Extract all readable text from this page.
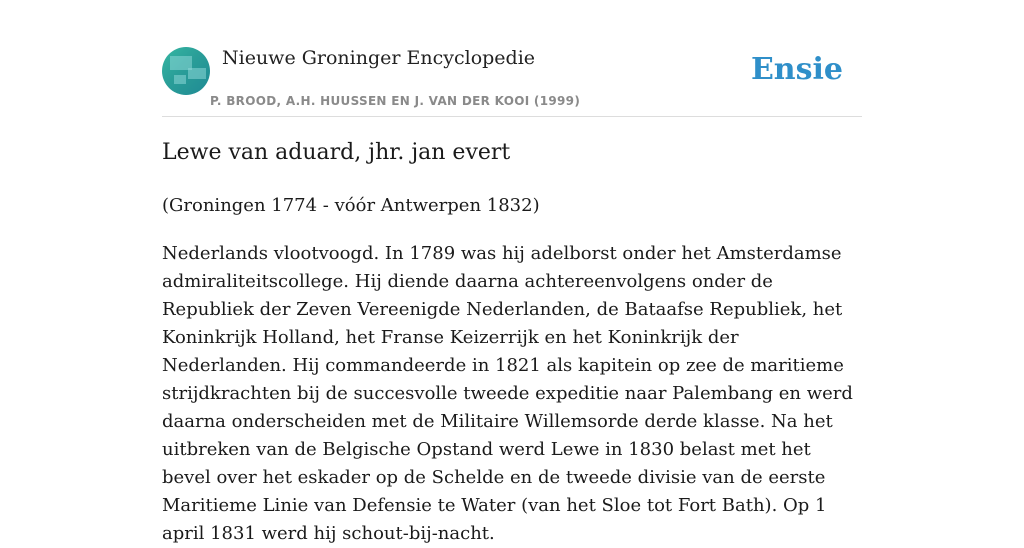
Nieuwe Groninger Encyclopedie
P. BROOD, A.H. HUUSSEN EN J. VAN DER KOOI (1999)
Ensie
Lewe van aduard, jhr. jan evert
(Groningen 1774 - vóór Antwerpen 1832)

Nederlands vlootvoogd. In 1789 was hij adelborst onder het Amsterdamse admiraliteitscollege. Hij diende daarna achtereenvolgens onder de Republiek der Zeven Vereenigde Nederlanden, de Bataafse Republiek, het Koninkrijk Holland, het Franse Keizerrijk en het Koninkrijk der Nederlanden. Hij commandeerde in 1821 als kapitein op zee de maritieme strijdkrachten bij de succesvolle tweede expeditie naar Palembang en werd daarna onderscheiden met de Militaire Willemsorde derde klasse. Na het uitbreken van de Belgische Opstand werd Lewe in 1830 belast met het bevel over het eskader op de Schelde en de tweede divisie van de eerste Maritieme Linie van Defensie te Water (van het Sloe tot Fort Bath). Op 1 april 1831 werd hij schout-bij-nacht.
